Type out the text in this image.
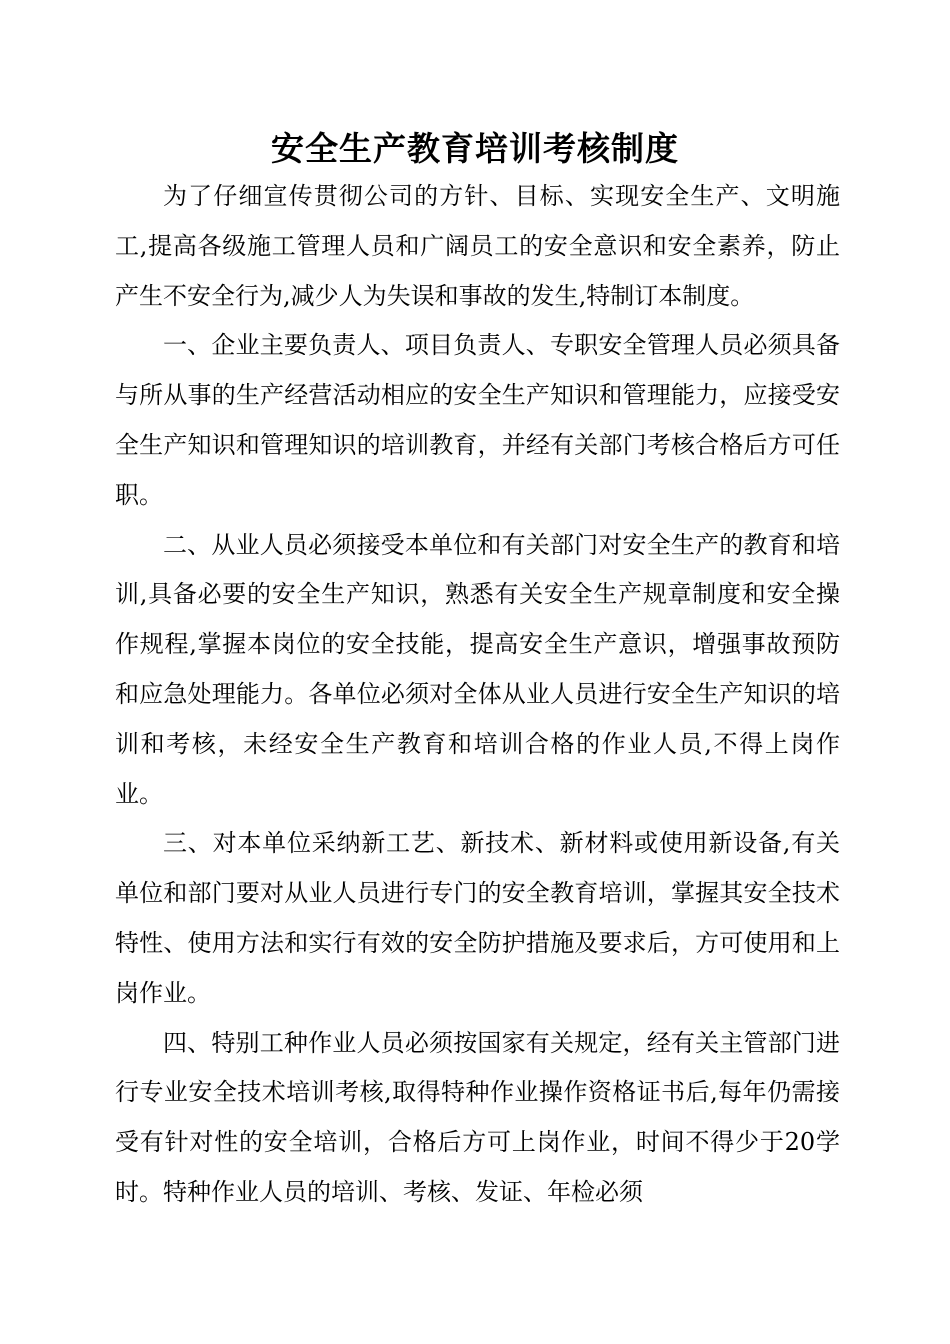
安全生产教育培训考核制度

为了仔细宣传贯彻公司的方针、目标、实现安全生产、文明施工,提高各级施工管理人员和广阔员工的安全意识和安全素养，防止产生不安全行为,减少人为失误和事故的发生,特制订本制度。

一、企业主要负责人、项目负责人、专职安全管理人员必须具备与所从事的生产经营活动相应的安全生产知识和管理能力，应接受安全生产知识和管理知识的培训教育，并经有关部门考核合格后方可任职。

二、从业人员必须接受本单位和有关部门对安全生产的教育和培训,具备必要的安全生产知识，熟悉有关安全生产规章制度和安全操作规程,掌握本岗位的安全技能，提高安全生产意识，增强事故预防和应急处理能力。各单位必须对全体从业人员进行安全生产知识的培训和考核，未经安全生产教育和培训合格的作业人员,不得上岗作业。

三、对本单位采纳新工艺、新技术、新材料或使用新设备,有关单位和部门要对从业人员进行专门的安全教育培训，掌握其安全技术特性、使用方法和实行有效的安全防护措施及要求后，方可使用和上岗作业。

四、特别工种作业人员必须按国家有关规定，经有关主管部门进行专业安全技术培训考核,取得特种作业操作资格证书后,每年仍需接受有针对性的安全培训，合格后方可上岗作业，时间不得少于20学时。特种作业人员的培训、考核、发证、年检必须
